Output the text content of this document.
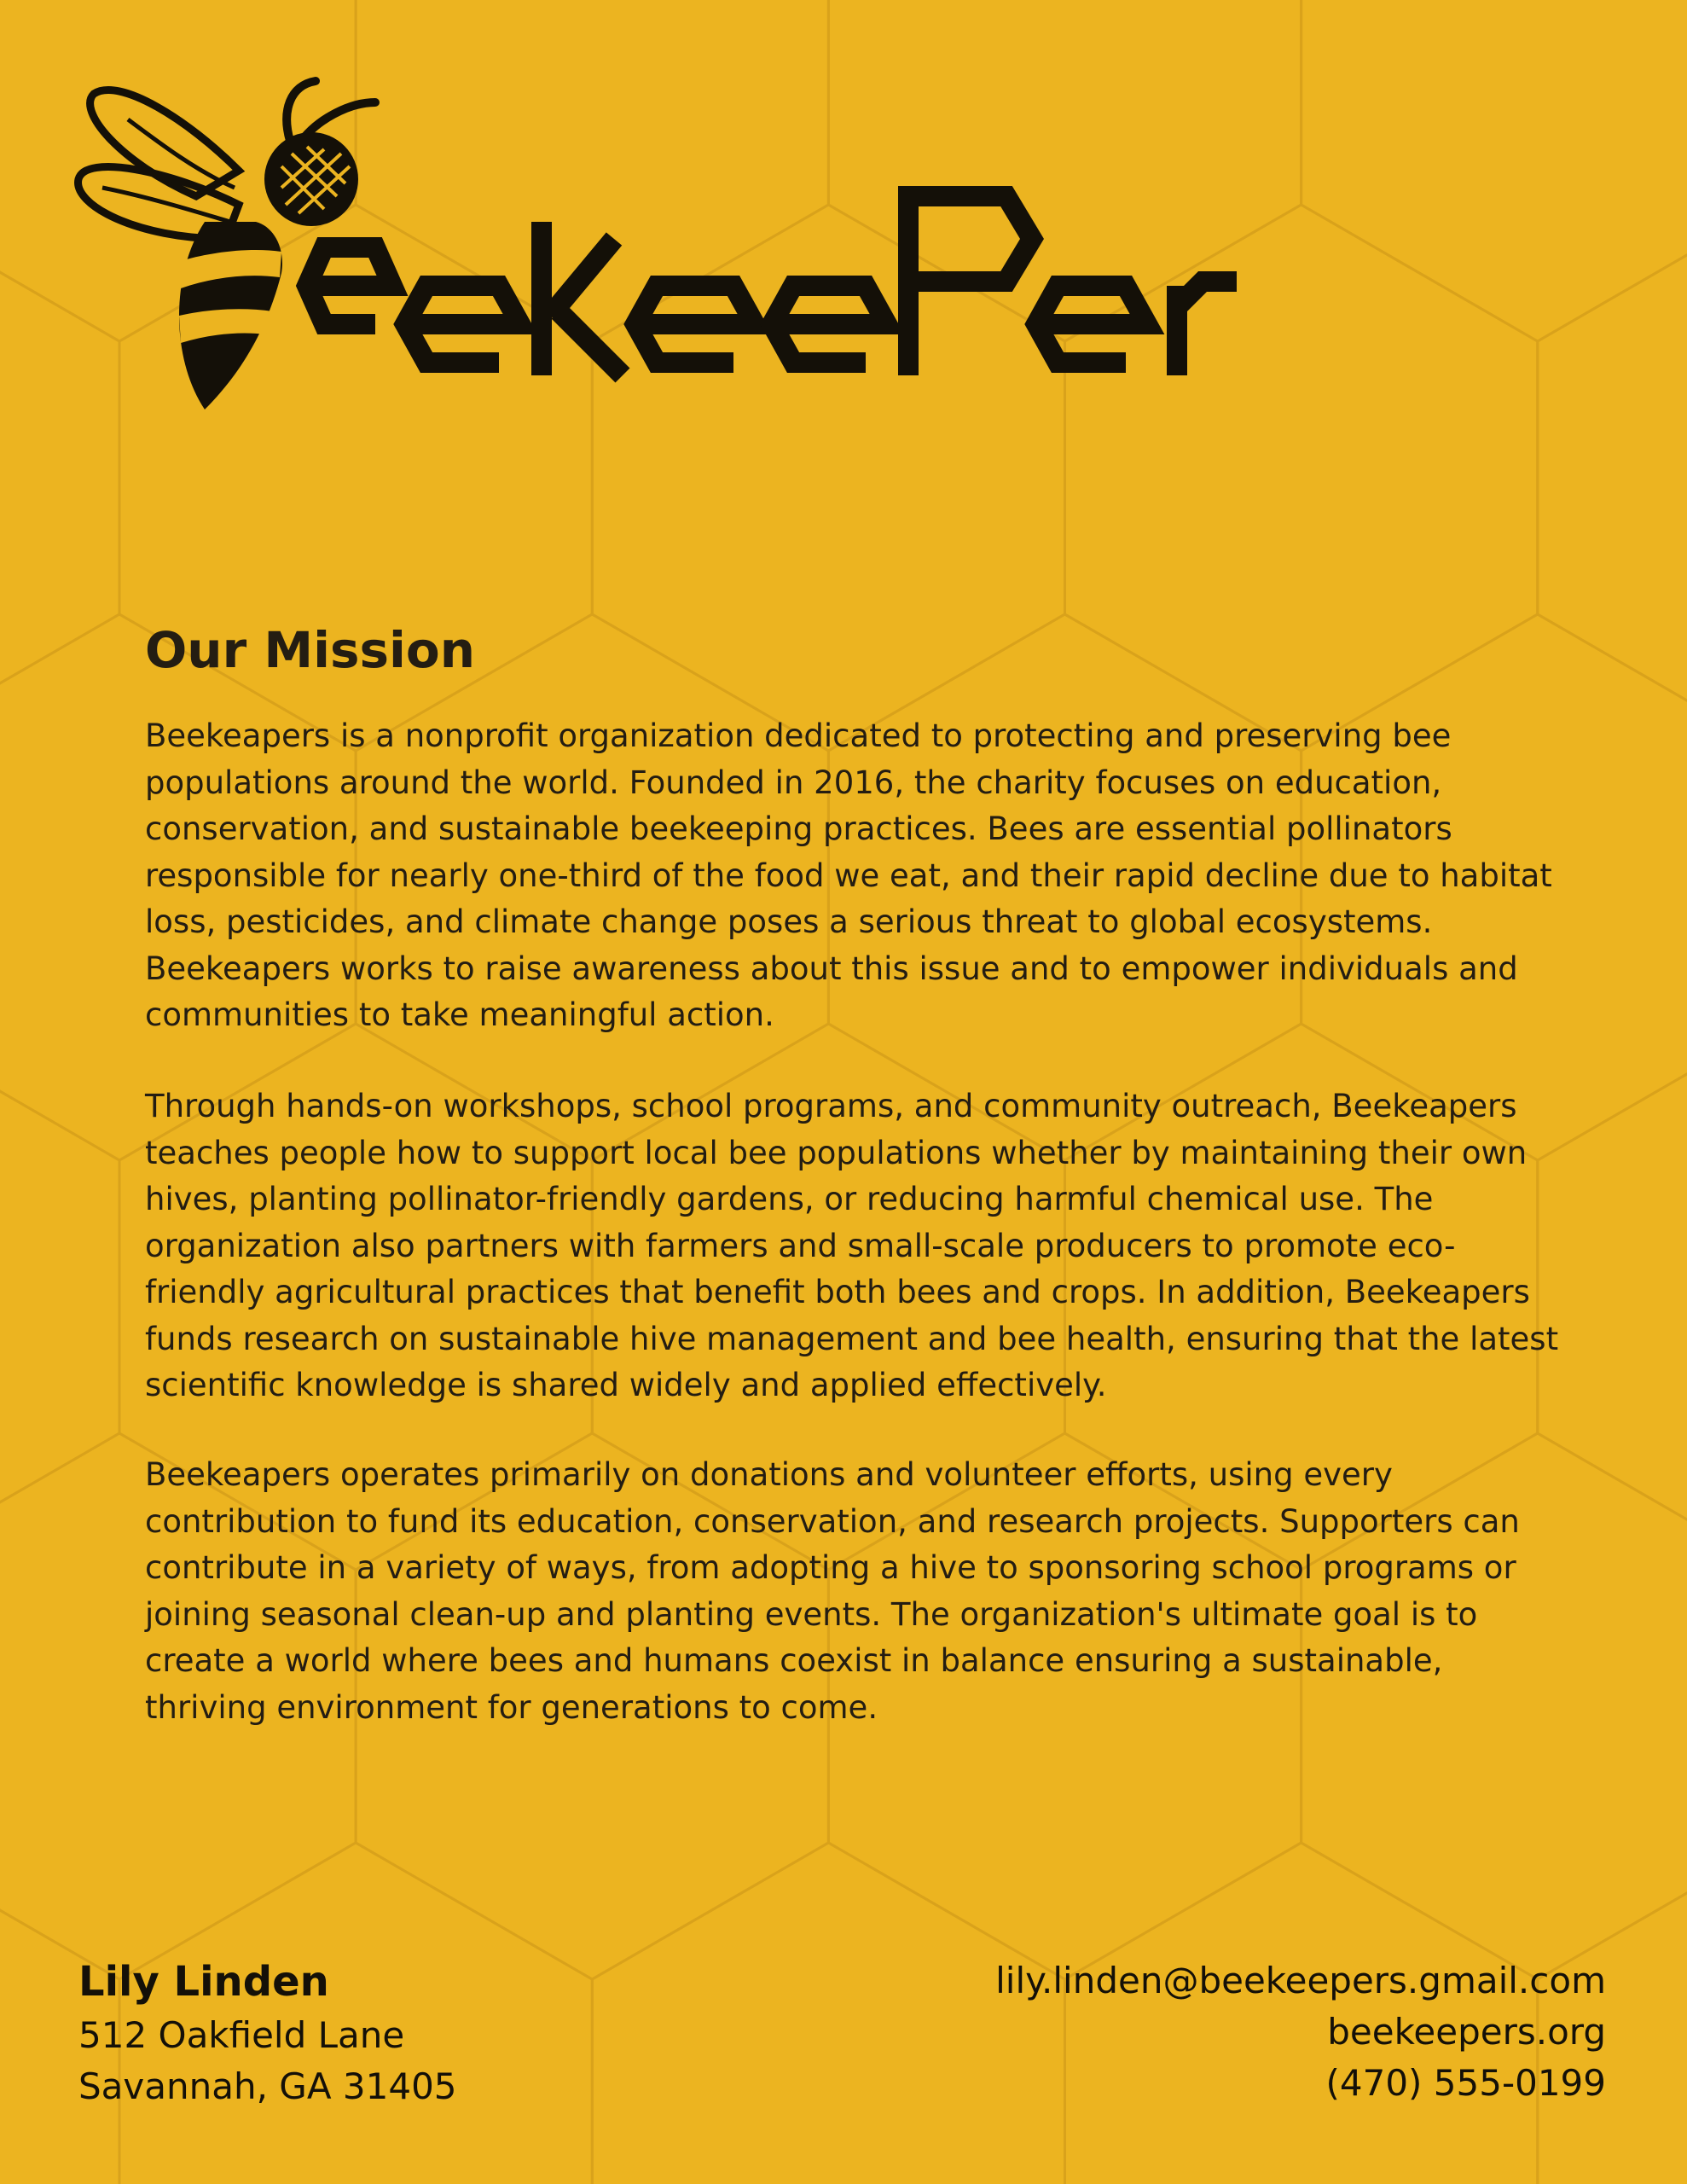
Our Mission

Beekeapers is a nonprofit organization dedicated to protecting and preserving bee populations around the world. Founded in 2016, the charity focuses on education, conservation, and sustainable beekeeping practices. Bees are essential pollinators responsible for nearly one-third of the food we eat, and their rapid decline due to habitat loss, pesticides, and climate change poses a serious threat to global ecosystems. Beekeapers works to raise awareness about this issue and to empower individuals and communities to take meaningful action.

Through hands-on workshops, school programs, and community outreach, Beekeapers teaches people how to support local bee populations whether by maintaining their own hives, planting pollinator-friendly gardens, or reducing harmful chemical use. The organization also partners with farmers and small-scale producers to promote eco-friendly agricultural practices that benefit both bees and crops. In addition, Beekeapers funds research on sustainable hive management and bee health, ensuring that the latest scientific knowledge is shared widely and applied effectively.

Beekeapers operates primarily on donations and volunteer efforts, using every contribution to fund its education, conservation, and research projects. Supporters can contribute in a variety of ways, from adopting a hive to sponsoring school programs or joining seasonal clean-up and planting events. The organization's ultimate goal is to create a world where bees and humans coexist in balance ensuring a sustainable, thriving environment for generations to come.

Lily Linden
512 Oakfield Lane
Savannah, GA 31405
lily.linden@beekeepers.gmail.com
beekeepers.org
(470) 555-0199
